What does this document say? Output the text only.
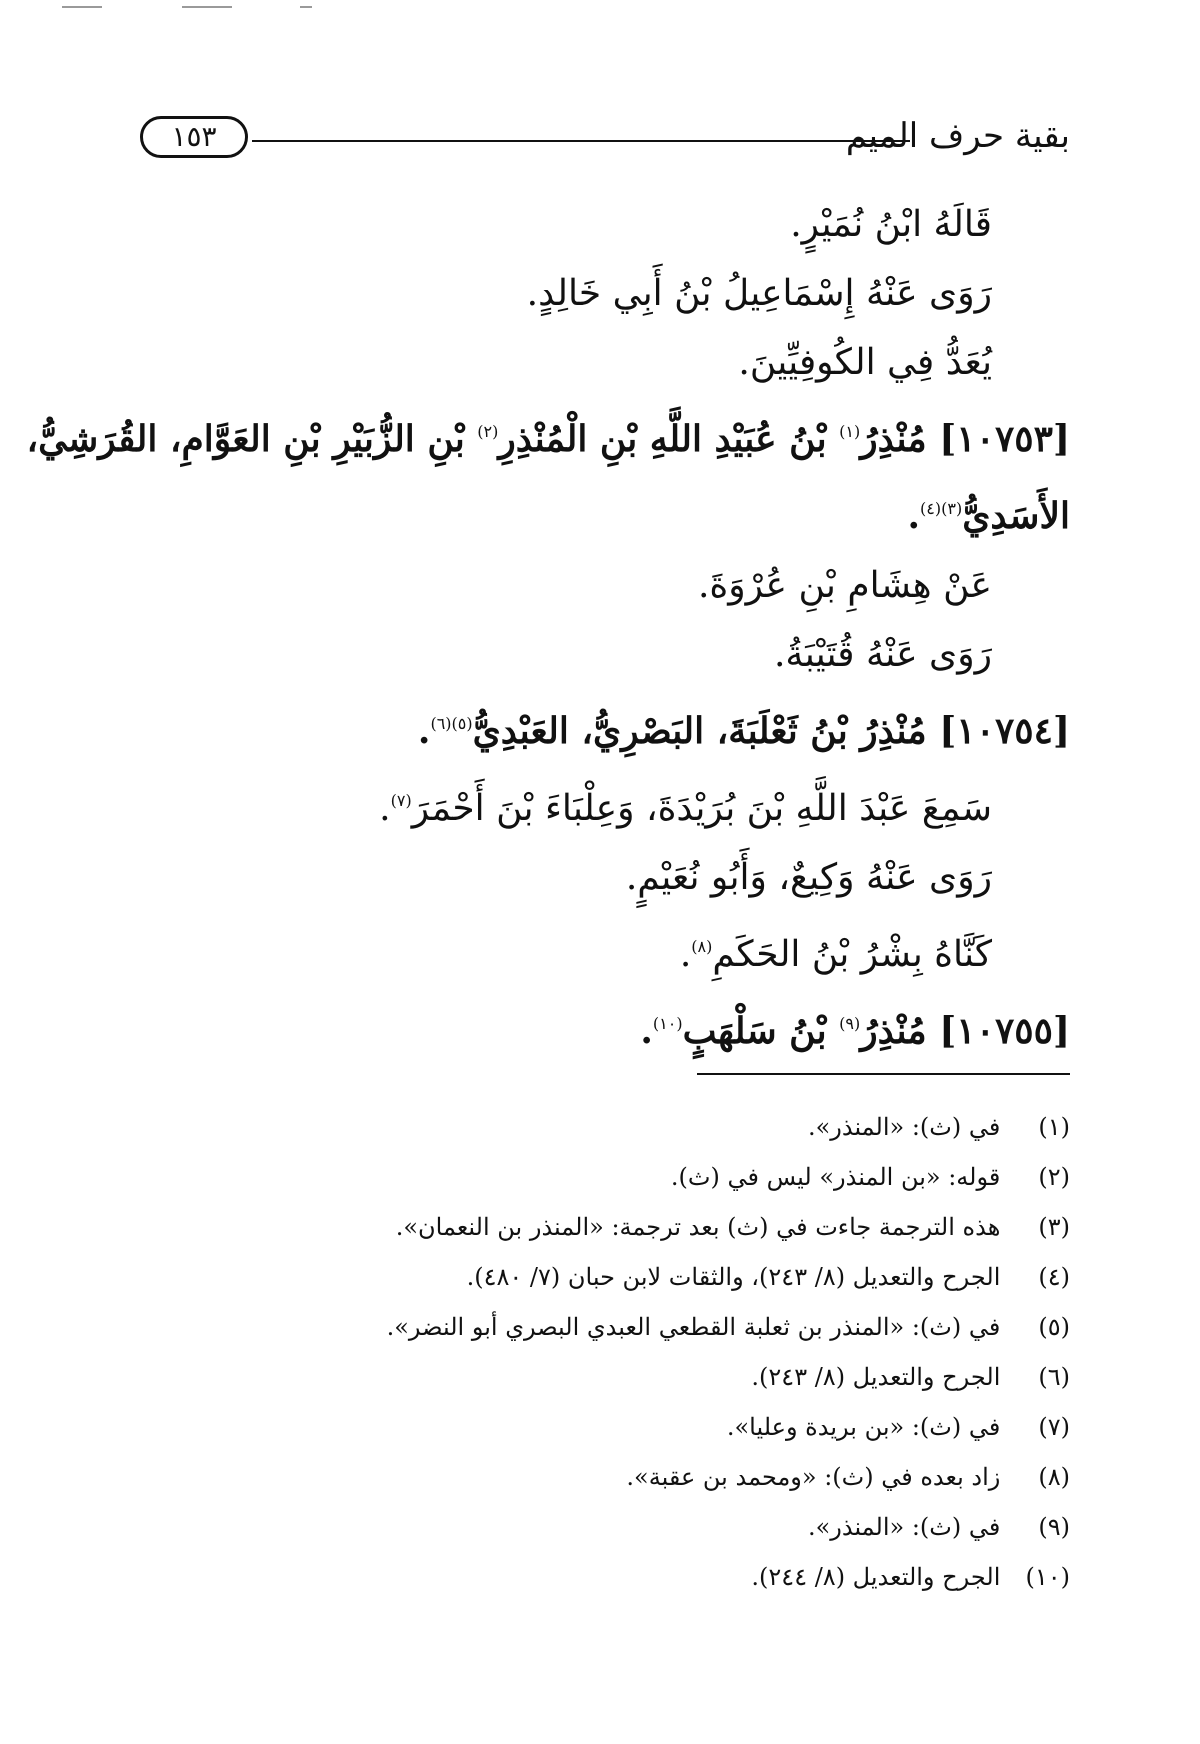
بقية حرف الميم
١٥٣
قَالَهُ ابْنُ نُمَيْرٍ.
رَوَى عَنْهُ إِسْمَاعِيلُ بْنُ أَبِي خَالِدٍ.
يُعَدُّ فِي الكُوفِيِّينَ.
[١٠٧٥٣] مُنْذِرُ$^{(١)}$ بْنُ عُبَيْدِ اللَّهِ بْنِ الْمُنْذِرِ$^{(٢)}$ بْنِ الزُّبَيْرِ بْنِ العَوَّامِ، القُرَشِيُّ،
الأَسَدِيُّ$^{(٣)(٤)}$.
عَنْ هِشَامِ بْنِ عُرْوَةَ.
رَوَى عَنْهُ قُتَيْبَةُ.
[١٠٧٥٤] مُنْذِرُ بْنُ ثَعْلَبَةَ، البَصْرِيُّ، العَبْدِيُّ$^{(٥)(٦)}$.
سَمِعَ عَبْدَ اللَّهِ بْنَ بُرَيْدَةَ، وَعِلْبَاءَ بْنَ أَحْمَرَ$^{(٧)}$.
رَوَى عَنْهُ وَكِيعٌ، وَأَبُو نُعَيْمٍ.
كَنَّاهُ بِشْرُ بْنُ الحَكَمِ$^{(٨)}$.
[١٠٧٥٥] مُنْذِرُ$^{(٩)}$ بْنُ سَلْهَبٍ$^{(١٠)}$.
(١) في (ث): «المنذر».
(٢) قوله: «بن المنذر» ليس في (ث).
(٣) هذه الترجمة جاءت في (ث) بعد ترجمة: «المنذر بن النعمان».
(٤) الجرح والتعديل (٨/ ٢٤٣)، والثقات لابن حبان (٧/ ٤٨٠).
(٥) في (ث): «المنذر بن ثعلبة القطعي العبدي البصري أبو النضر».
(٦) الجرح والتعديل (٨/ ٢٤٣).
(٧) في (ث): «بن بريدة وعليا».
(٨) زاد بعده في (ث): «ومحمد بن عقبة».
(٩) في (ث): «المنذر».
(١٠) الجرح والتعديل (٨/ ٢٤٤).
